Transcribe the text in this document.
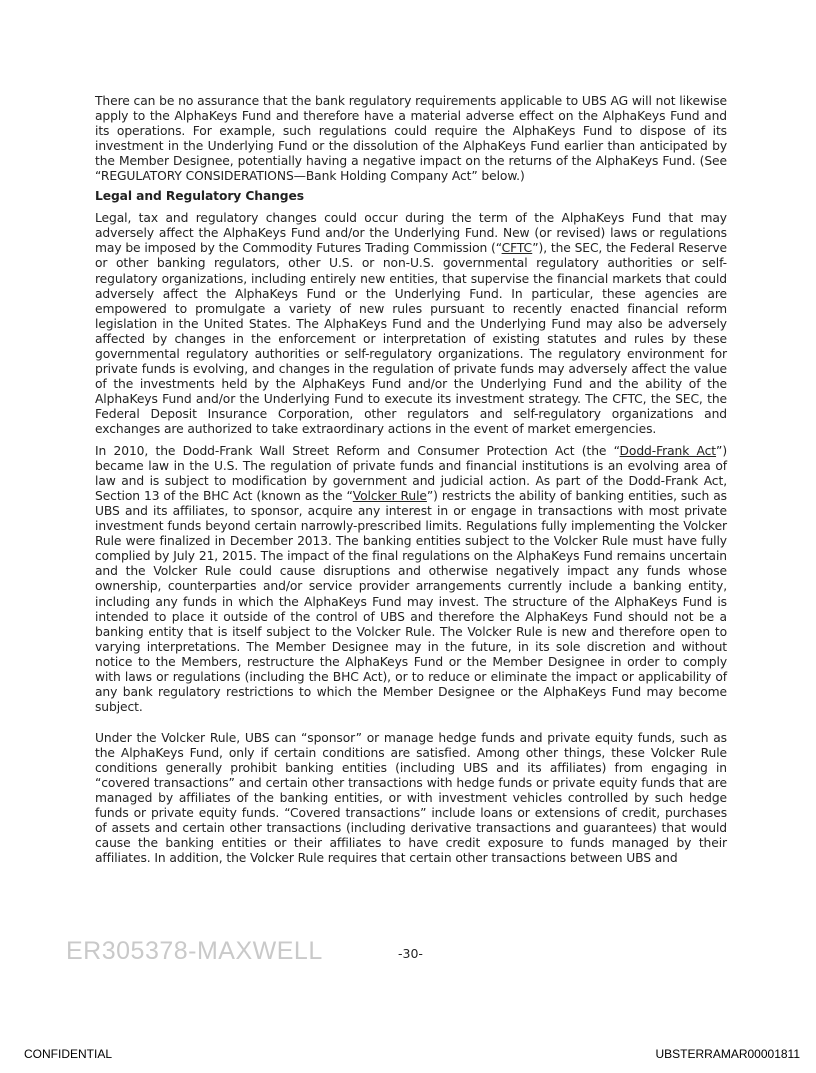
There can be no assurance that the bank regulatory requirements applicable to UBS AG will not likewise apply to the AlphaKeys Fund and therefore have a material adverse effect on the AlphaKeys Fund and its operations. For example, such regulations could require the AlphaKeys Fund to dispose of its investment in the Underlying Fund or the dissolution of the AlphaKeys Fund earlier than anticipated by the Member Designee, potentially having a negative impact on the returns of the AlphaKeys Fund. (See “REGULATORY CONSIDERATIONS—Bank Holding Company Act” below.)

Legal and Regulatory Changes

Legal, tax and regulatory changes could occur during the term of the AlphaKeys Fund that may adversely affect the AlphaKeys Fund and/or the Underlying Fund. New (or revised) laws or regulations may be imposed by the Commodity Futures Trading Commission (“CFTC”), the SEC, the Federal Reserve or other banking regulators, other U.S. or non-U.S. governmental regulatory authorities or self-regulatory organizations, including entirely new entities, that supervise the financial markets that could adversely affect the AlphaKeys Fund or the Underlying Fund. In particular, these agencies are empowered to promulgate a variety of new rules pursuant to recently enacted financial reform legislation in the United States. The AlphaKeys Fund and the Underlying Fund may also be adversely affected by changes in the enforcement or interpretation of existing statutes and rules by these governmental regulatory authorities or self-regulatory organizations. The regulatory environment for private funds is evolving, and changes in the regulation of private funds may adversely affect the value of the investments held by the AlphaKeys Fund and/or the Underlying Fund and the ability of the AlphaKeys Fund and/or the Underlying Fund to execute its investment strategy. The CFTC, the SEC, the Federal Deposit Insurance Corporation, other regulators and self-regulatory organizations and exchanges are authorized to take extraordinary actions in the event of market emergencies.

In 2010, the Dodd-Frank Wall Street Reform and Consumer Protection Act (the “Dodd-Frank Act”) became law in the U.S. The regulation of private funds and financial institutions is an evolving area of law and is subject to modification by government and judicial action. As part of the Dodd-Frank Act, Section 13 of the BHC Act (known as the “Volcker Rule”) restricts the ability of banking entities, such as UBS and its affiliates, to sponsor, acquire any interest in or engage in transactions with most private investment funds beyond certain narrowly-prescribed limits. Regulations fully implementing the Volcker Rule were finalized in December 2013. The banking entities subject to the Volcker Rule must have fully complied by July 21, 2015. The impact of the final regulations on the AlphaKeys Fund remains uncertain and the Volcker Rule could cause disruptions and otherwise negatively impact any funds whose ownership, counterparties and/or service provider arrangements currently include a banking entity, including any funds in which the AlphaKeys Fund may invest. The structure of the AlphaKeys Fund is intended to place it outside of the control of UBS and therefore the AlphaKeys Fund should not be a banking entity that is itself subject to the Volcker Rule. The Volcker Rule is new and therefore open to varying interpretations. The Member Designee may in the future, in its sole discretion and without notice to the Members, restructure the AlphaKeys Fund or the Member Designee in order to comply with laws or regulations (including the BHC Act), or to reduce or eliminate the impact or applicability of any bank regulatory restrictions to which the Member Designee or the AlphaKeys Fund may become subject.

Under the Volcker Rule, UBS can “sponsor” or manage hedge funds and private equity funds, such as the AlphaKeys Fund, only if certain conditions are satisfied. Among other things, these Volcker Rule conditions generally prohibit banking entities (including UBS and its affiliates) from engaging in “covered transactions” and certain other transactions with hedge funds or private equity funds that are managed by affiliates of the banking entities, or with investment vehicles controlled by such hedge funds or private equity funds. “Covered transactions” include loans or extensions of credit, purchases of assets and certain other transactions (including derivative transactions and guarantees) that would cause the banking entities or their affiliates to have credit exposure to funds managed by their affiliates. In addition, the Volcker Rule requires that certain other transactions between UBS and

ER305378-MAXWELL	-30-
CONFIDENTIAL	UBSTERRAMAR00001811
